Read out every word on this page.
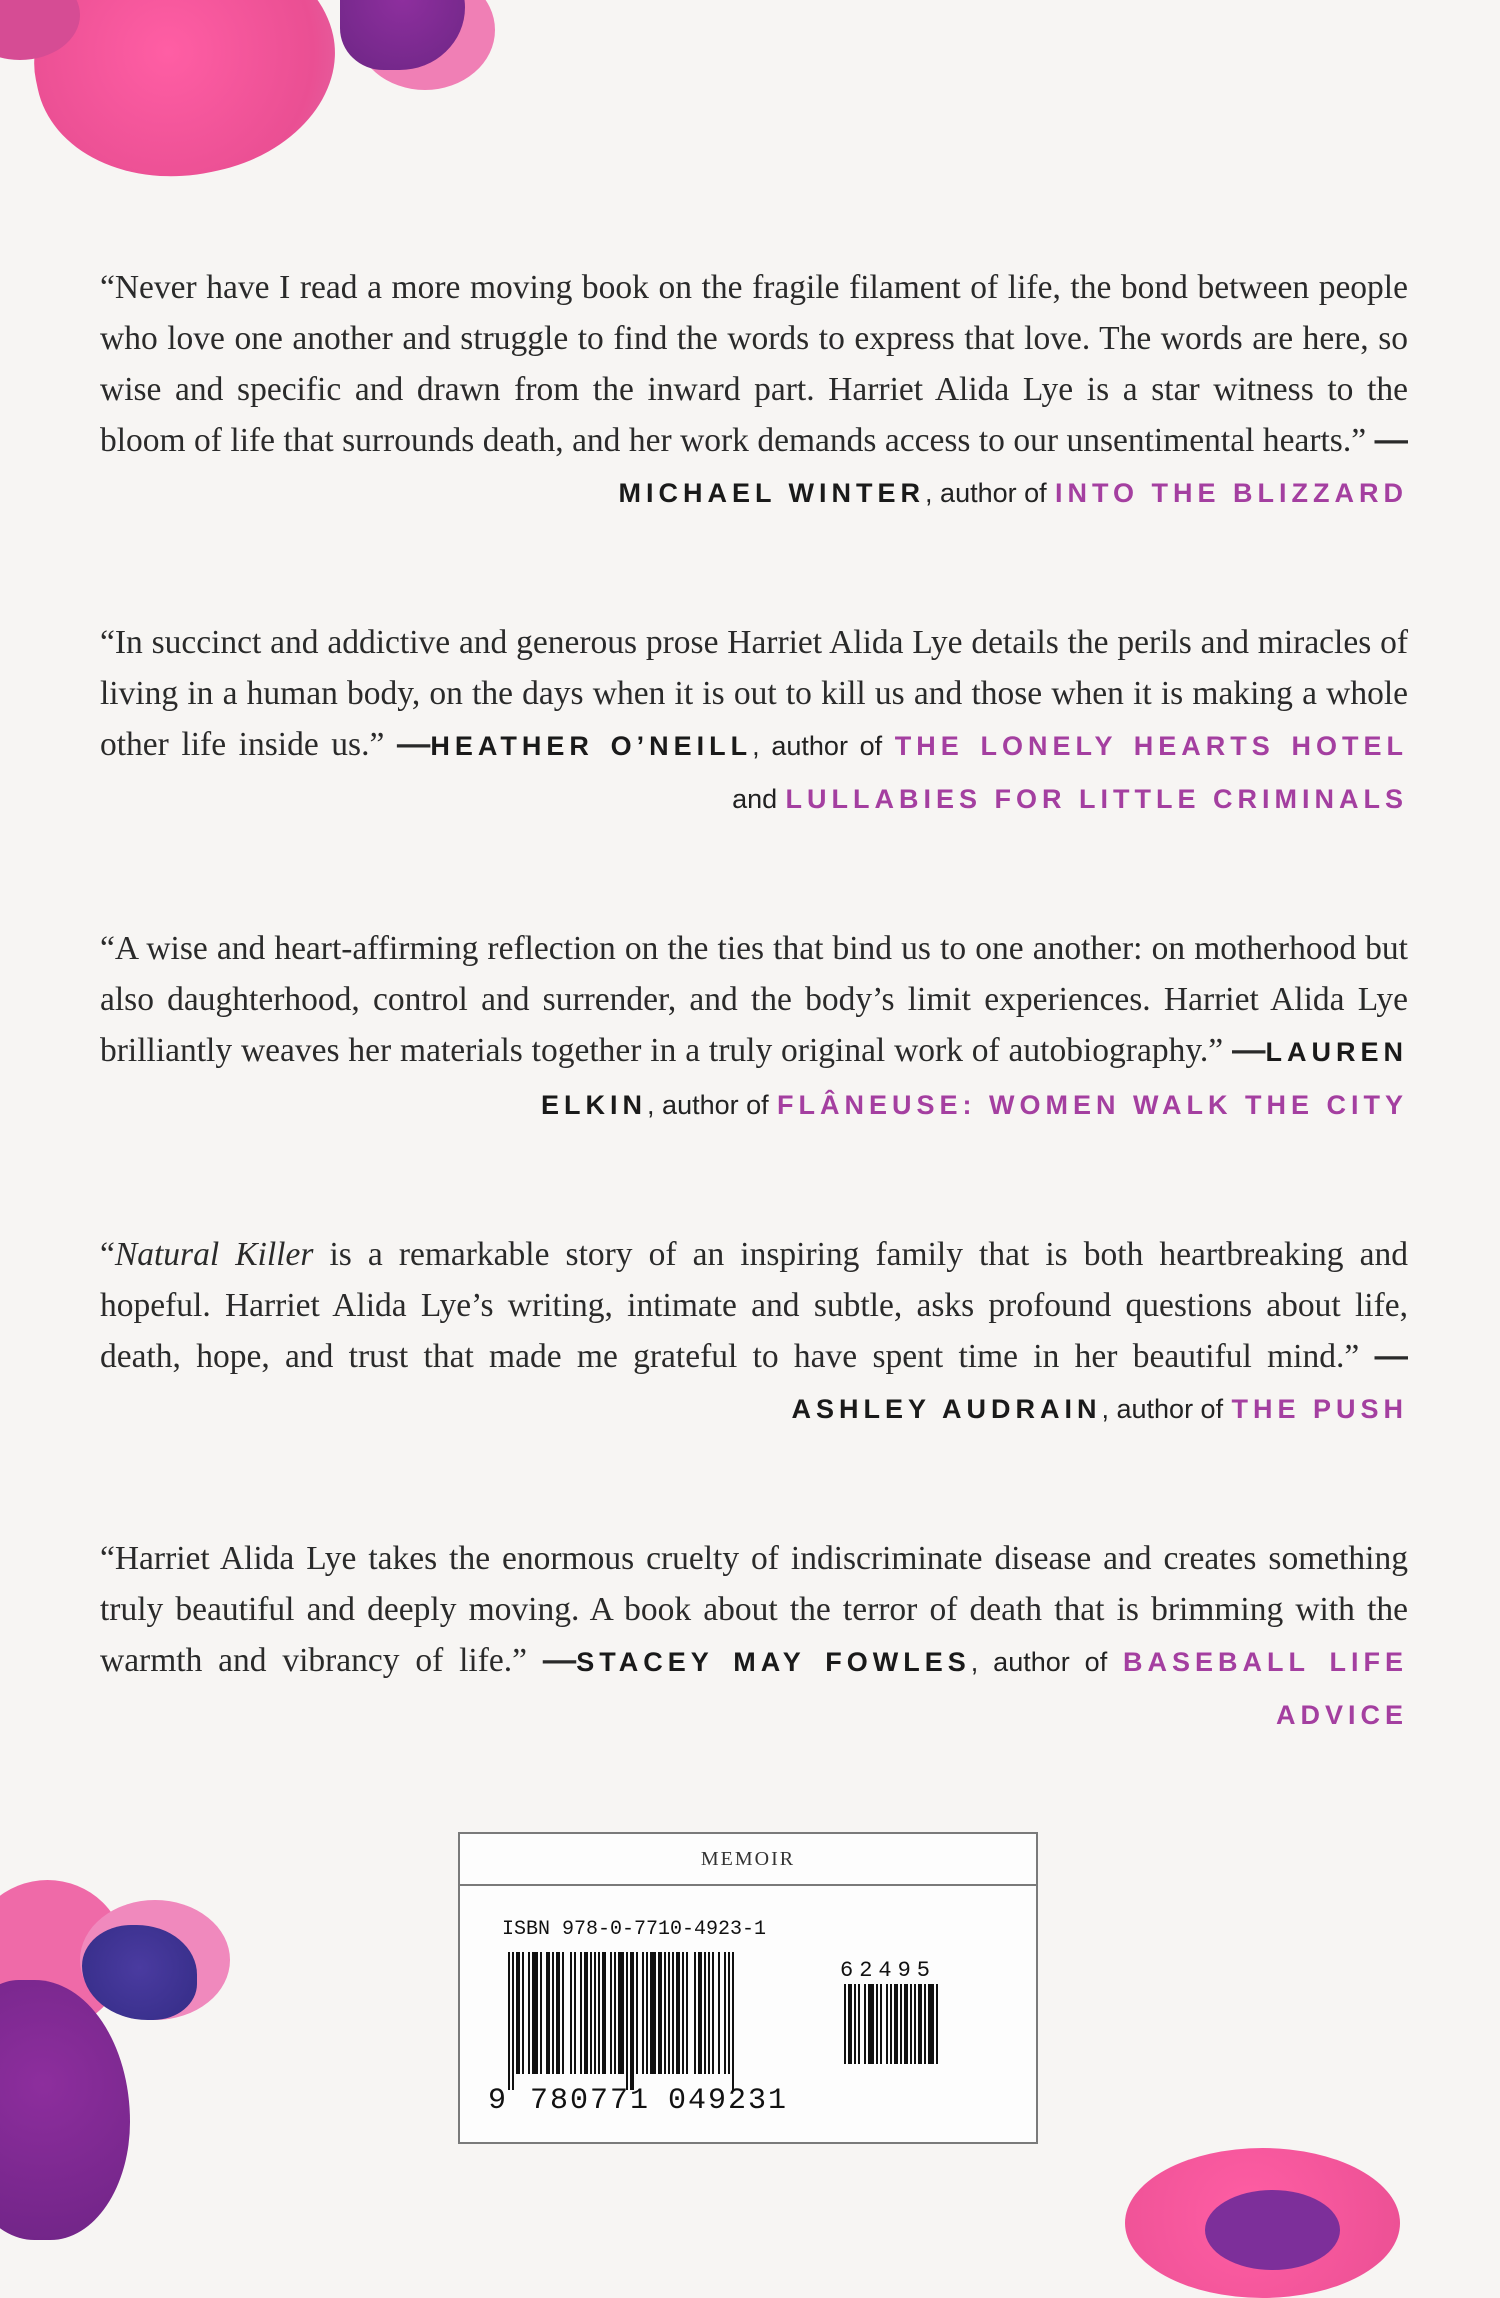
“Never have I read a more moving book on the fragile filament of life, the bond between people who love one another and struggle to find the words to express that love. The words are here, so wise and specific and drawn from the inward part. Harriet Alida Lye is a star witness to the bloom of life that surrounds death, and her work demands access to our unsentimental hearts.” —MICHAEL WINTER, author of INTO THE BLIZZARD

“In succinct and addictive and generous prose Harriet Alida Lye details the perils and miracles of living in a human body, on the days when it is out to kill us and those when it is making a whole other life inside us.” —HEATHER O’NEILL, author of THE LONELY HEARTS HOTEL and LULLABIES FOR LITTLE CRIMINALS

“A wise and heart-affirming reflection on the ties that bind us to one another: on motherhood but also daughterhood, control and surrender, and the body’s limit experiences. Harriet Alida Lye brilliantly weaves her materials together in a truly original work of autobiography.” —LAUREN ELKIN, author of FLÂNEUSE: WOMEN WALK THE CITY

“Natural Killer is a remarkable story of an inspiring family that is both heartbreaking and hopeful. Harriet Alida Lye’s writing, intimate and subtle, asks profound questions about life, death, hope, and trust that made me grateful to have spent time in her beautiful mind.” —ASHLEY AUDRAIN, author of THE PUSH

“Harriet Alida Lye takes the enormous cruelty of indiscriminate disease and creates something truly beautiful and deeply moving. A book about the terror of death that is brimming with the warmth and vibrancy of life.” —STACEY MAY FOWLES, author of BASEBALL LIFE ADVICE

MEMOIR
ISBN 978-0-7710-4923-1
62495
9 780771 049231
